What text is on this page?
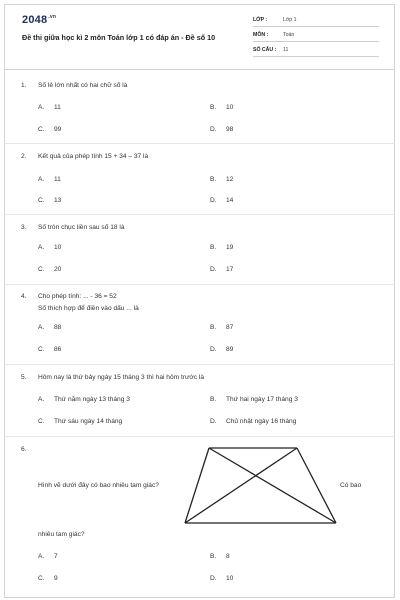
$2048^{.vn}$
Đề thi giữa học kì 2 môn Toán lớp 1 có đáp án - Đề số 10
LỚP :	Lớp 1
MÔN :	Toán
SỐ CÂU : 11
1. Số lẻ lớn nhất có hai chữ số là
A. 11	B. 10
C. 99	D. 98
2. Kết quả của phép tính 15 + 34 – 37 là
A. 11	B. 12
C. 13	D. 14
3. Số tròn chục liền sau số 18 là
A. 10	B. 19
C. 20	D. 17
4. Cho phép tính: ... - 36 = 52
Số thích hợp để điền vào dấu ... là
A. 88	B. 87
C. 86	D. 89
5. Hôm nay là thứ bảy ngày 15 tháng 3 thì hai hôm trước là
A. Thứ năm ngày 13 tháng 3	B. Thứ hai ngày 17 tháng 3
C. Thứ sáu ngày 14 tháng	D. Chủ nhật ngày 16 tháng
6.
Hình vẽ dưới đây có bao nhiêu tam giác?	Có bao
nhiêu tam giác?
A. 7	B. 8
C. 9	D. 10
